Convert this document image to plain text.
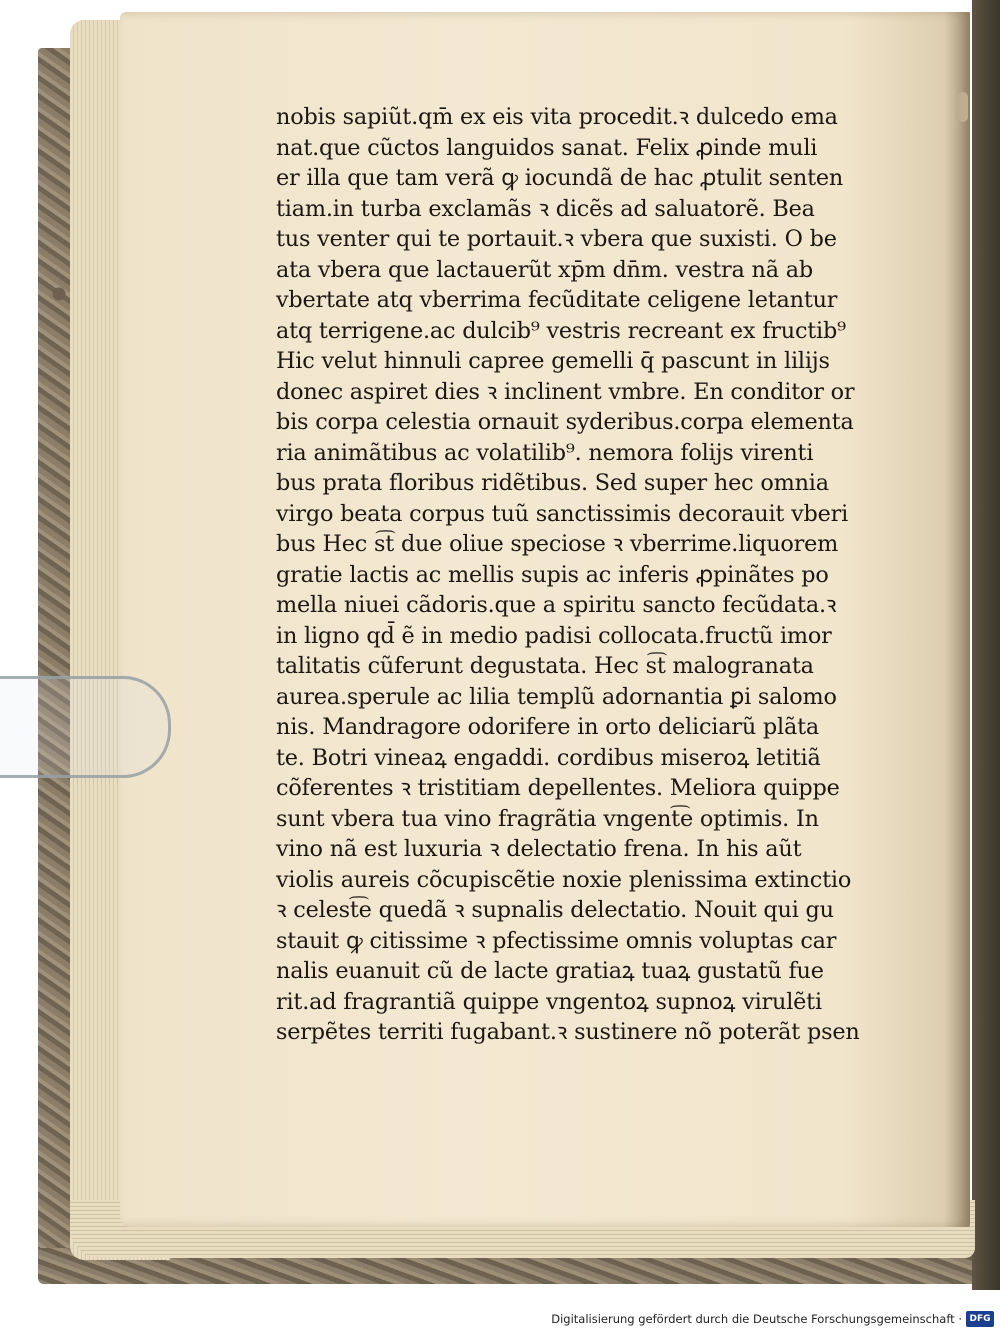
nobis sapiũt.qm̄ ex eis vita procedit.ꝛ dulcedo ema
nat.que cũctos languidos sanat. Felix ꝓinde muli
er illa que tam verã ꝙ iocundã de hac ꝓtulit senten
tiam.in turba exclamãs ꝛ dicẽs ad saluatorẽ. Bea
tus venter qui te portauit.ꝛ vbera que suxisti. O be
ata vbera que lactauerũt xp̄m dn̄m. vestra nã ab
vbertate atq vberrima fecũditate celigene letantur
atq terrigene.ac dulcib⁹ vestris recreant ex fructib⁹
Hic velut hinnuli capree gemelli q̄ pascunt in lilijs
donec aspiret dies ꝛ inclinent vmbre. En conditor or
bis corpa celestia ornauit syderibus.corpa elementa
ria animãtibus ac volatilib⁹. nemora folijs virenti
bus prata floribus ridẽtibus. Sed super hec omnia
virgo beata corpus tuũ sanctissimis decorauit vberi
bus Hec s͡t due oliue speciose ꝛ vberrime.liquorem
gratie lactis ac mellis supis ac inferis ꝓpinãtes po
mella niuei cãdoris.que a spiritu sancto fecũdata.ꝛ
in ligno qd̄ ẽ in medio padisi collocata.fructũ imor
talitatis cũferunt degustata. Hec s͡t malogranata
aurea.sperule ac lilia templũ adornantia ꝑi salomo
nis. Mandragore odorifere in orto deliciarũ plãta
te. Botri vineaꝝ engaddi. cordibus miseroꝝ letitiã
cõferentes ꝛ tristitiam depellentes. Meliora quippe
sunt vbera tua vino fragrãtia vngent͡e optimis. In
vino nã est luxuria ꝛ delectatio frena. In his aũt
violis aureis cõcupiscẽtie noxie plenissima extinctio
ꝛ celest͡e quedã ꝛ supnalis delectatio. Nouit qui gu
stauit ꝙ citissime ꝛ pfectissime omnis voluptas car
nalis euanuit cũ de lacte gratiaꝝ tuaꝝ gustatũ fue
rit.ad fragrantiã quippe vngentoꝝ supnoꝝ virulẽti
serpẽtes territi fugabant.ꝛ sustinere nõ poterãt psen
Digitalisierung gefördert durch die Deutsche Forschungsgemeinschaft · DFG
